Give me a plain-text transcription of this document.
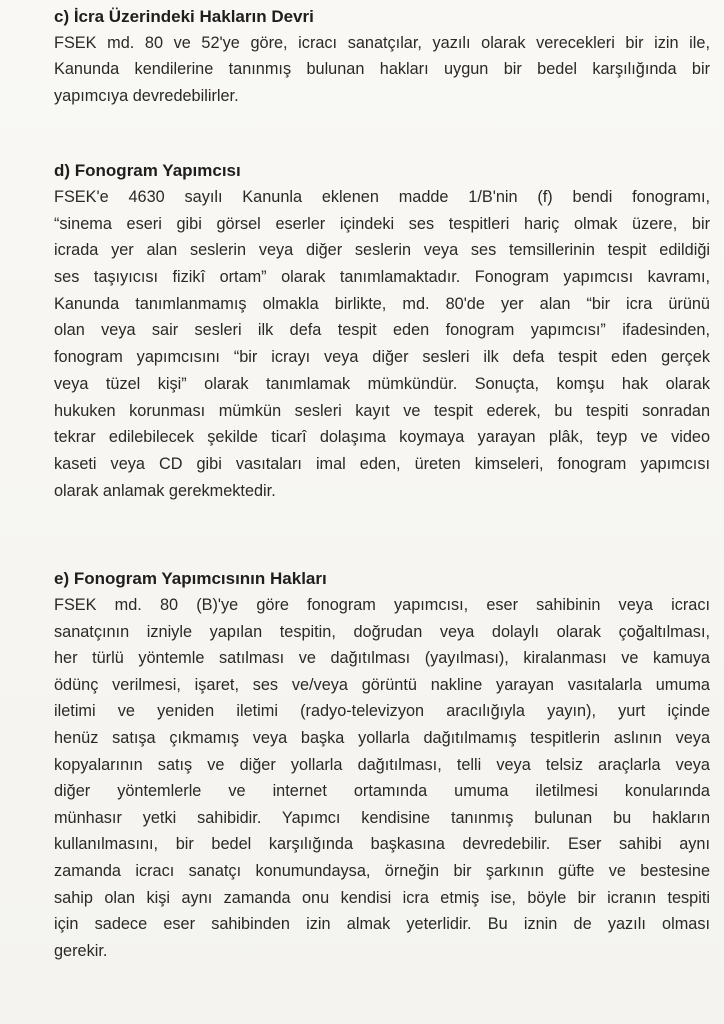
c) İcra Üzerindeki Hakların Devri
FSEK md. 80 ve 52'ye göre, icracı sanatçılar, yazılı olarak verecekleri bir izin ile,
Kanunda kendilerine tanınmış bulunan hakları uygun bir bedel karşılığında bir
yapımcıya devredebilirler.
d) Fonogram Yapımcısı
FSEK'e 4630 sayılı Kanunla eklenen madde 1/B'nin (f) bendi fonogramı,
“sinema eseri gibi görsel eserler içindeki ses tespitleri hariç olmak üzere, bir
icrada yer alan seslerin veya diğer seslerin veya ses temsillerinin tespit edildiği
ses taşıyıcısı fizikî ortam” olarak tanımlamaktadır. Fonogram yapımcısı kavramı,
Kanunda tanımlanmamış olmakla birlikte, md. 80'de yer alan “bir icra ürünü
olan veya sair sesleri ilk defa tespit eden fonogram yapımcısı” ifadesinden,
fonogram yapımcısını “bir icrayı veya diğer sesleri ilk defa tespit eden gerçek
veya tüzel kişi” olarak tanımlamak mümkündür. Sonuçta, komşu hak olarak
hukuken korunması mümkün sesleri kayıt ve tespit ederek, bu tespiti sonradan
tekrar edilebilecek şekilde ticarî dolaşıma koymaya yarayan plâk, teyp ve video
kaseti veya CD gibi vasıtaları imal eden, üreten kimseleri, fonogram yapımcısı
olarak anlamak gerekmektedir.
e) Fonogram Yapımcısının Hakları
FSEK md. 80 (B)'ye göre fonogram yapımcısı, eser sahibinin veya icracı
sanatçının izniyle yapılan tespitin, doğrudan veya dolaylı olarak çoğaltılması,
her türlü yöntemle satılması ve dağıtılması (yayılması), kiralanması ve kamuya
ödünç verilmesi, işaret, ses ve/veya görüntü nakline yarayan vasıtalarla umuma
iletimi ve yeniden iletimi (radyo-televizyon aracılığıyla yayın), yurt içinde
henüz satışa çıkmamış veya başka yollarla dağıtılmamış tespitlerin aslının veya
kopyalarının satış ve diğer yollarla dağıtılması, telli veya telsiz araçlarla veya
diğer yöntemlerle ve internet ortamında umuma iletilmesi konularında
münhasır yetki sahibidir. Yapımcı kendisine tanınmış bulunan bu hakların
kullanılmasını, bir bedel karşılığında başkasına devredebilir. Eser sahibi aynı
zamanda icracı sanatçı konumundaysa, örneğin bir şarkının güfte ve bestesine
sahip olan kişi aynı zamanda onu kendisi icra etmiş ise, böyle bir icranın tespiti
için sadece eser sahibinden izin almak yeterlidir. Bu iznin de yazılı olması
gerekir.
